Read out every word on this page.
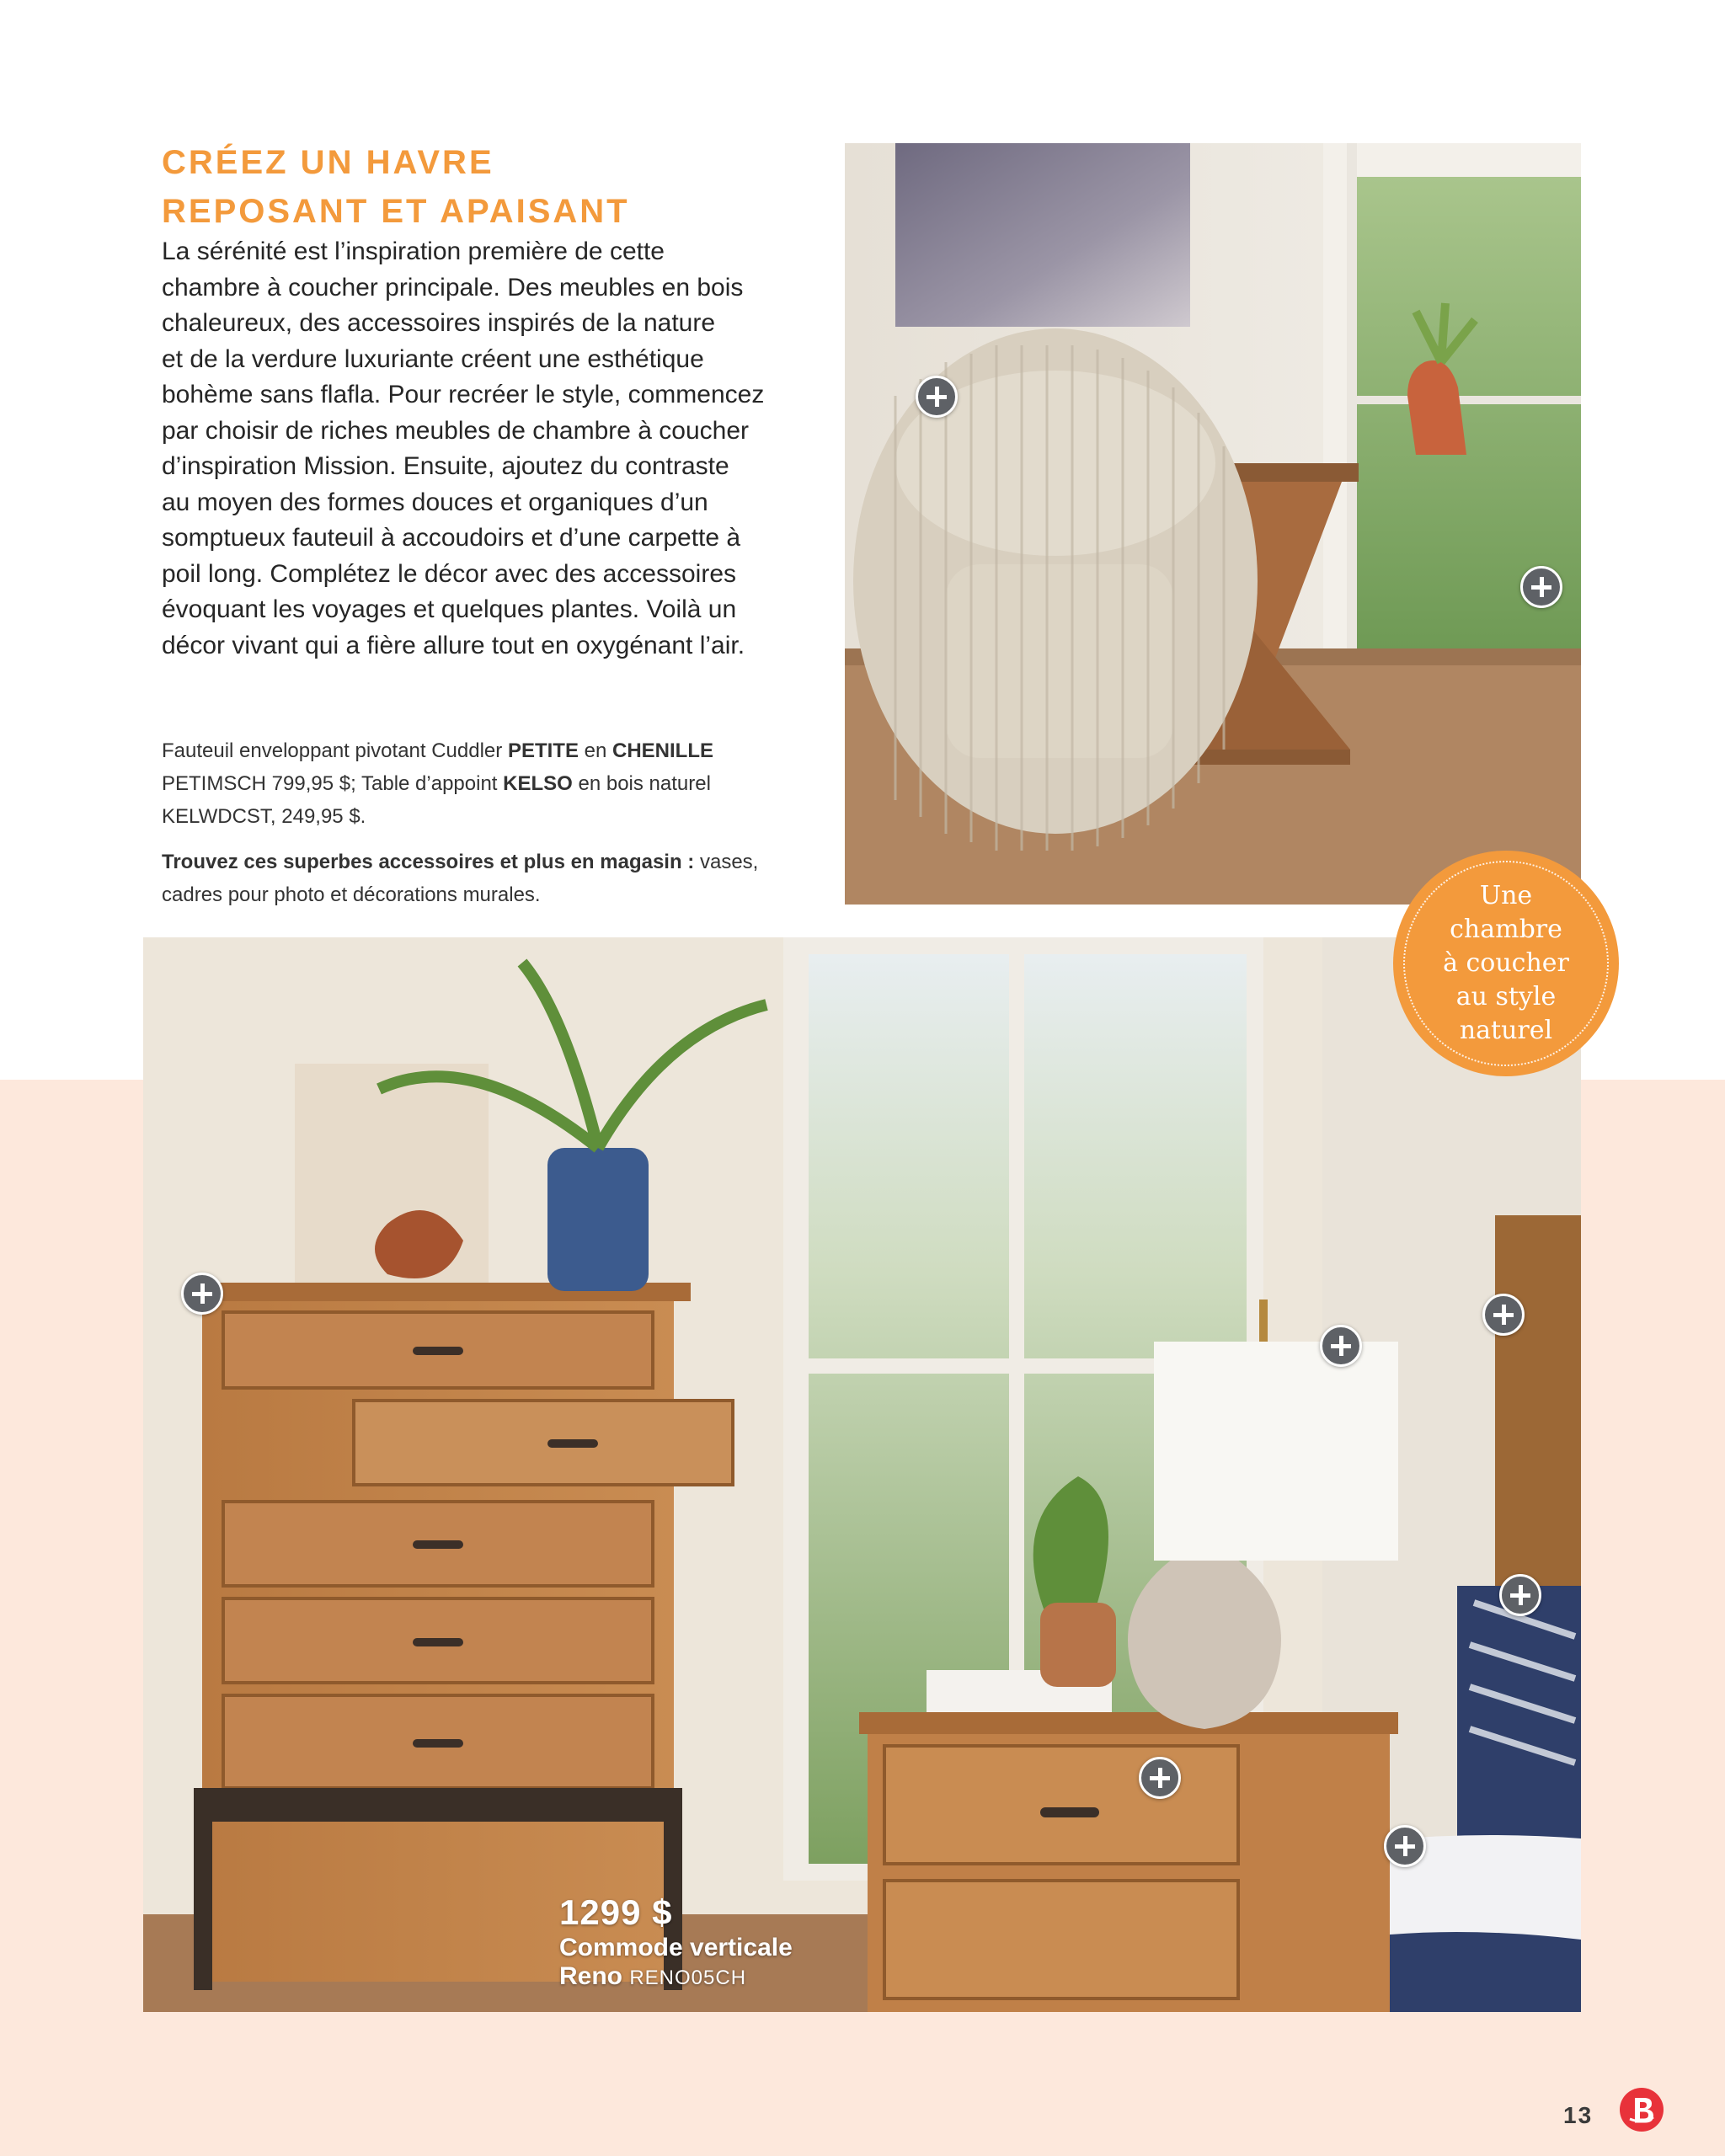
CRÉEZ UN HAVRE
REPOSANT ET APAISANT
La sérénité est l’inspiration première de cette
chambre à coucher principale. Des meubles en bois
chaleureux, des accessoires inspirés de la nature
et de la verdure luxuriante créent une esthétique
bohème sans flafla. Pour recréer le style, commencez
par choisir de riches meubles de chambre à coucher
d’inspiration Mission. Ensuite, ajoutez du contraste
au moyen des formes douces et organiques d’un
somptueux fauteuil à accoudoirs et d’une carpette à
poil long. Complétez le décor avec des accessoires
évoquant les voyages et quelques plantes. Voilà un
décor vivant qui a fière allure tout en oxygénant l’air.
Fauteuil enveloppant pivotant Cuddler PETITE en CHENILLE
PETIMSCH 799,95 $; Table d’appoint KELSO en bois naturel
KELWDCST, 249,95 $.
Trouvez ces superbes accessoires et plus en magasin : vases,
cadres pour photo et décorations murales.	Une
chambre
à coucher
au style
naturel
1299 $
Commode verticale
Reno RENO05CH
13
